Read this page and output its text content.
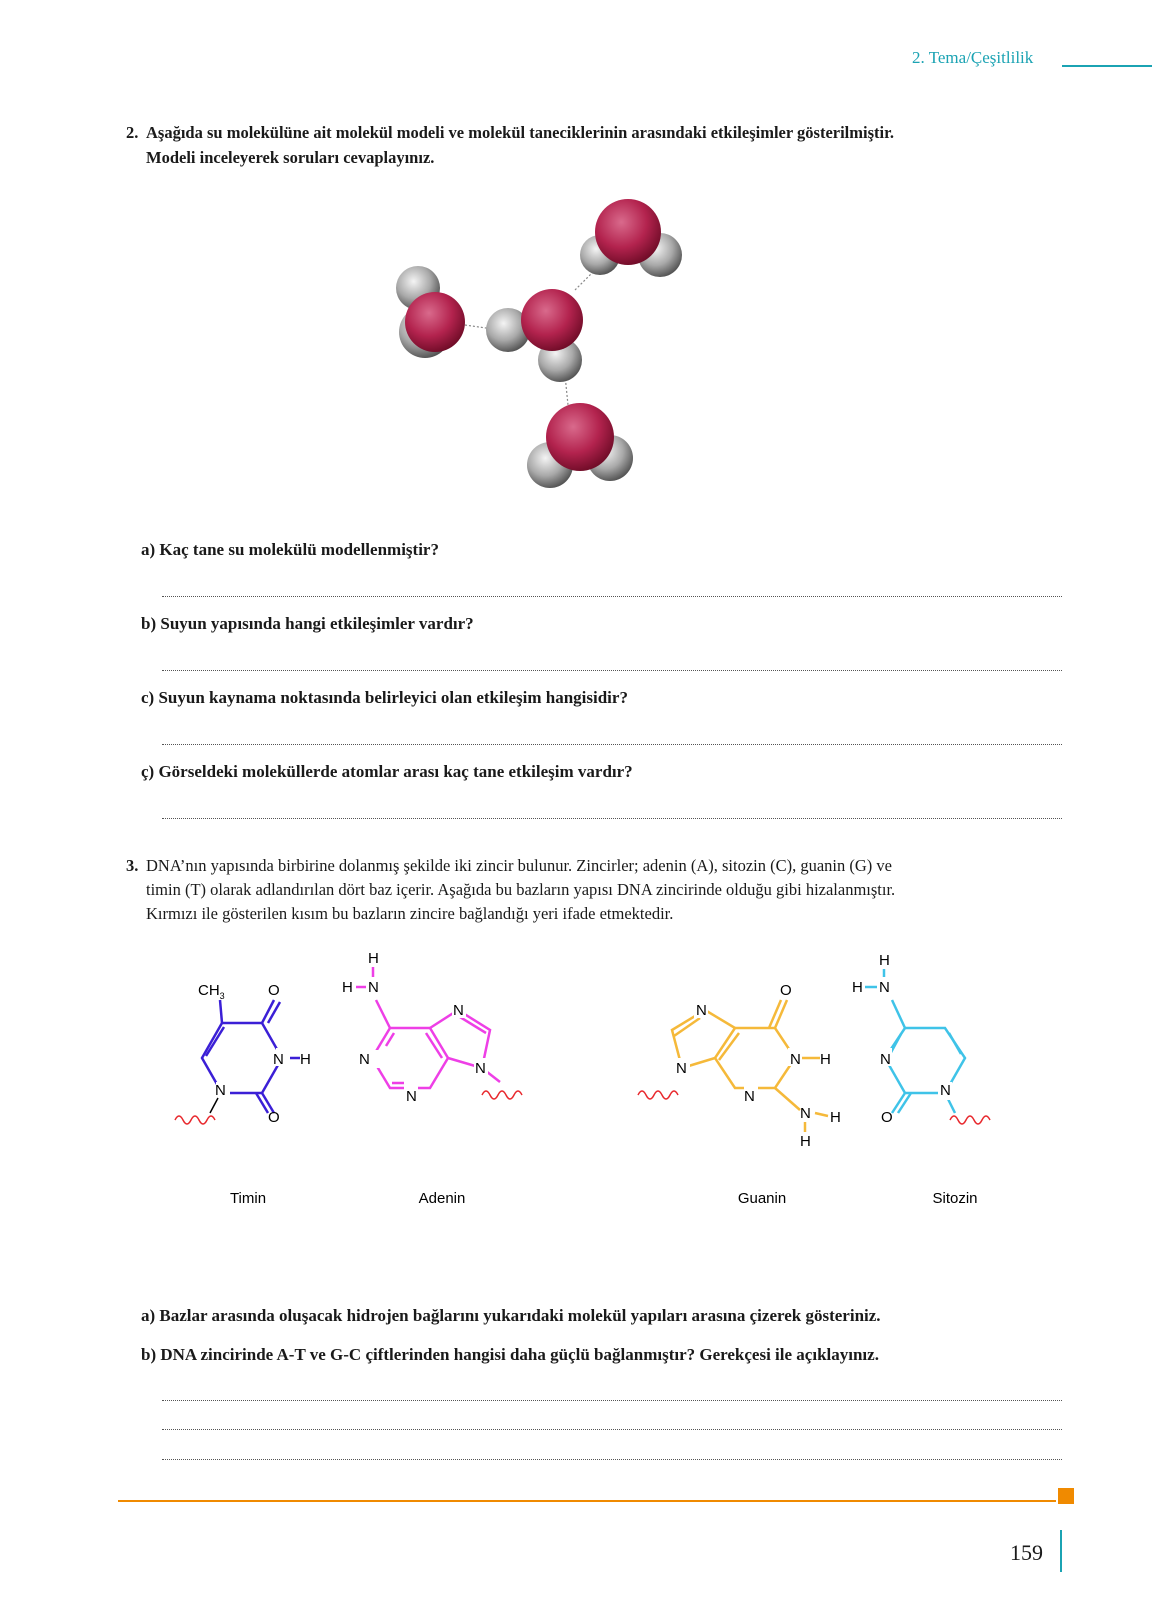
2. Tema/Çeşitlilik
2. Aşağıda su molekülüne ait molekül modeli ve molekül taneciklerinin arasındaki etkileşimler gösterilmiştir.
Modeli inceleyerek soruları cevaplayınız.
a) Kaç tane su molekülü modellenmiştir?
b) Suyun yapısında hangi etkileşimler vardır?
c) Suyun kaynama noktasında belirleyici olan etkileşim hangisidir?
ç) Görseldeki moleküllerde atomlar arası kaç tane etkileşim vardır?
3. DNA’nın yapısında birbirine dolanmış şekilde iki zincir bulunur. Zincirler; adenin (A), sitozin (C), guanin (G) ve
timin (T) olarak adlandırılan dört baz içerir. Aşağıda bu bazların yapısı DNA zincirinde olduğu gibi hizalanmıştır.
Kırmızı ile gösterilen kısım bu bazların zincire bağlandığı yeri ifade etmektedir.
$CH_3$	O
N H
N
O
H
H N
N
N
N
N
N
N
N
N H
O
N H
H
H
H N
N
N
O
Timin	Adenin	Guanin	Sitozin
a) Bazlar arasında oluşacak hidrojen bağlarını yukarıdaki molekül yapıları arasına çizerek gösteriniz.
b) DNA zincirinde A-T ve G-C çiftlerinden hangisi daha güçlü bağlanmıştır? Gerekçesi ile açıklayınız.
159
